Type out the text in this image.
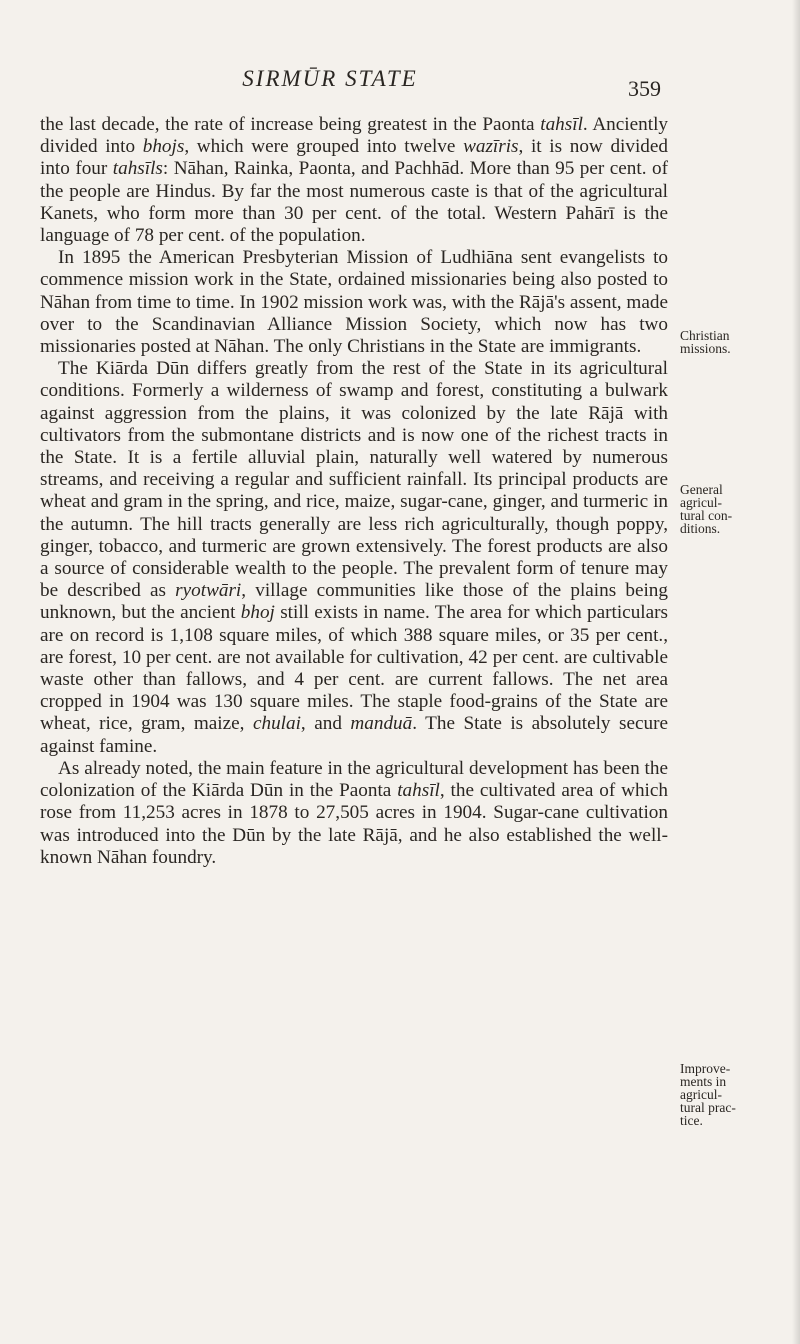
SIRMŪR STATE	359

the last decade, the rate of increase being greatest in the Paonta tahsīl. Anciently divided into bhojs, which were grouped into twelve wazīris, it is now divided into four tahsīls: Nāhan, Rainka, Paonta, and Pachhād. More than 95 per cent. of the people are Hindus. By far the most numerous caste is that of the agricultural Kanets, who form more than 30 per cent. of the total. Western Pahārī is the language of 78 per cent. of the population.

In 1895 the American Presbyterian Mission of Ludhiāna sent evangelists to commence mission work in the State, ordained missionaries being also posted to Nāhan from time to time. In 1902 mission work was, with the Rājā's assent, made over to the Scandinavian Alliance Mission Society, which now has two missionaries posted at Nāhan. The only Christians in the State are immigrants.

The Kiārda Dūn differs greatly from the rest of the State in its agricultural conditions. Formerly a wilderness of swamp and forest, constituting a bulwark against aggression from the plains, it was colonized by the late Rājā with cultivators from the submontane districts and is now one of the richest tracts in the State. It is a fertile alluvial plain, naturally well watered by numerous streams, and receiving a regular and sufficient rainfall. Its principal products are wheat and gram in the spring, and rice, maize, sugar-cane, ginger, and turmeric in the autumn. The hill tracts generally are less rich agriculturally, though poppy, ginger, tobacco, and turmeric are grown extensively. The forest products are also a source of considerable wealth to the people. The prevalent form of tenure may be described as ryotwāri, village communities like those of the plains being unknown, but the ancient bhoj still exists in name. The area for which particulars are on record is 1,108 square miles, of which 388 square miles, or 35 per cent., are forest, 10 per cent. are not available for cultivation, 42 per cent. are cultivable waste other than fallows, and 4 per cent. are current fallows. The net area cropped in 1904 was 130 square miles. The staple food-grains of the State are wheat, rice, gram, maize, chulai, and manduā. The State is absolutely secure against famine.

As already noted, the main feature in the agricultural development has been the colonization of the Kiārda Dūn in the Paonta tahsīl, the cultivated area of which rose from 11,253 acres in 1878 to 27,505 acres in 1904. Sugar-cane cultivation was introduced into the Dūn by the late Rājā, and he also established the well-known Nāhan foundry.

Christian
missions.
General
agricul-
tural con-
ditions.
Improve-
ments in
agricul-
tural prac-
tice.
